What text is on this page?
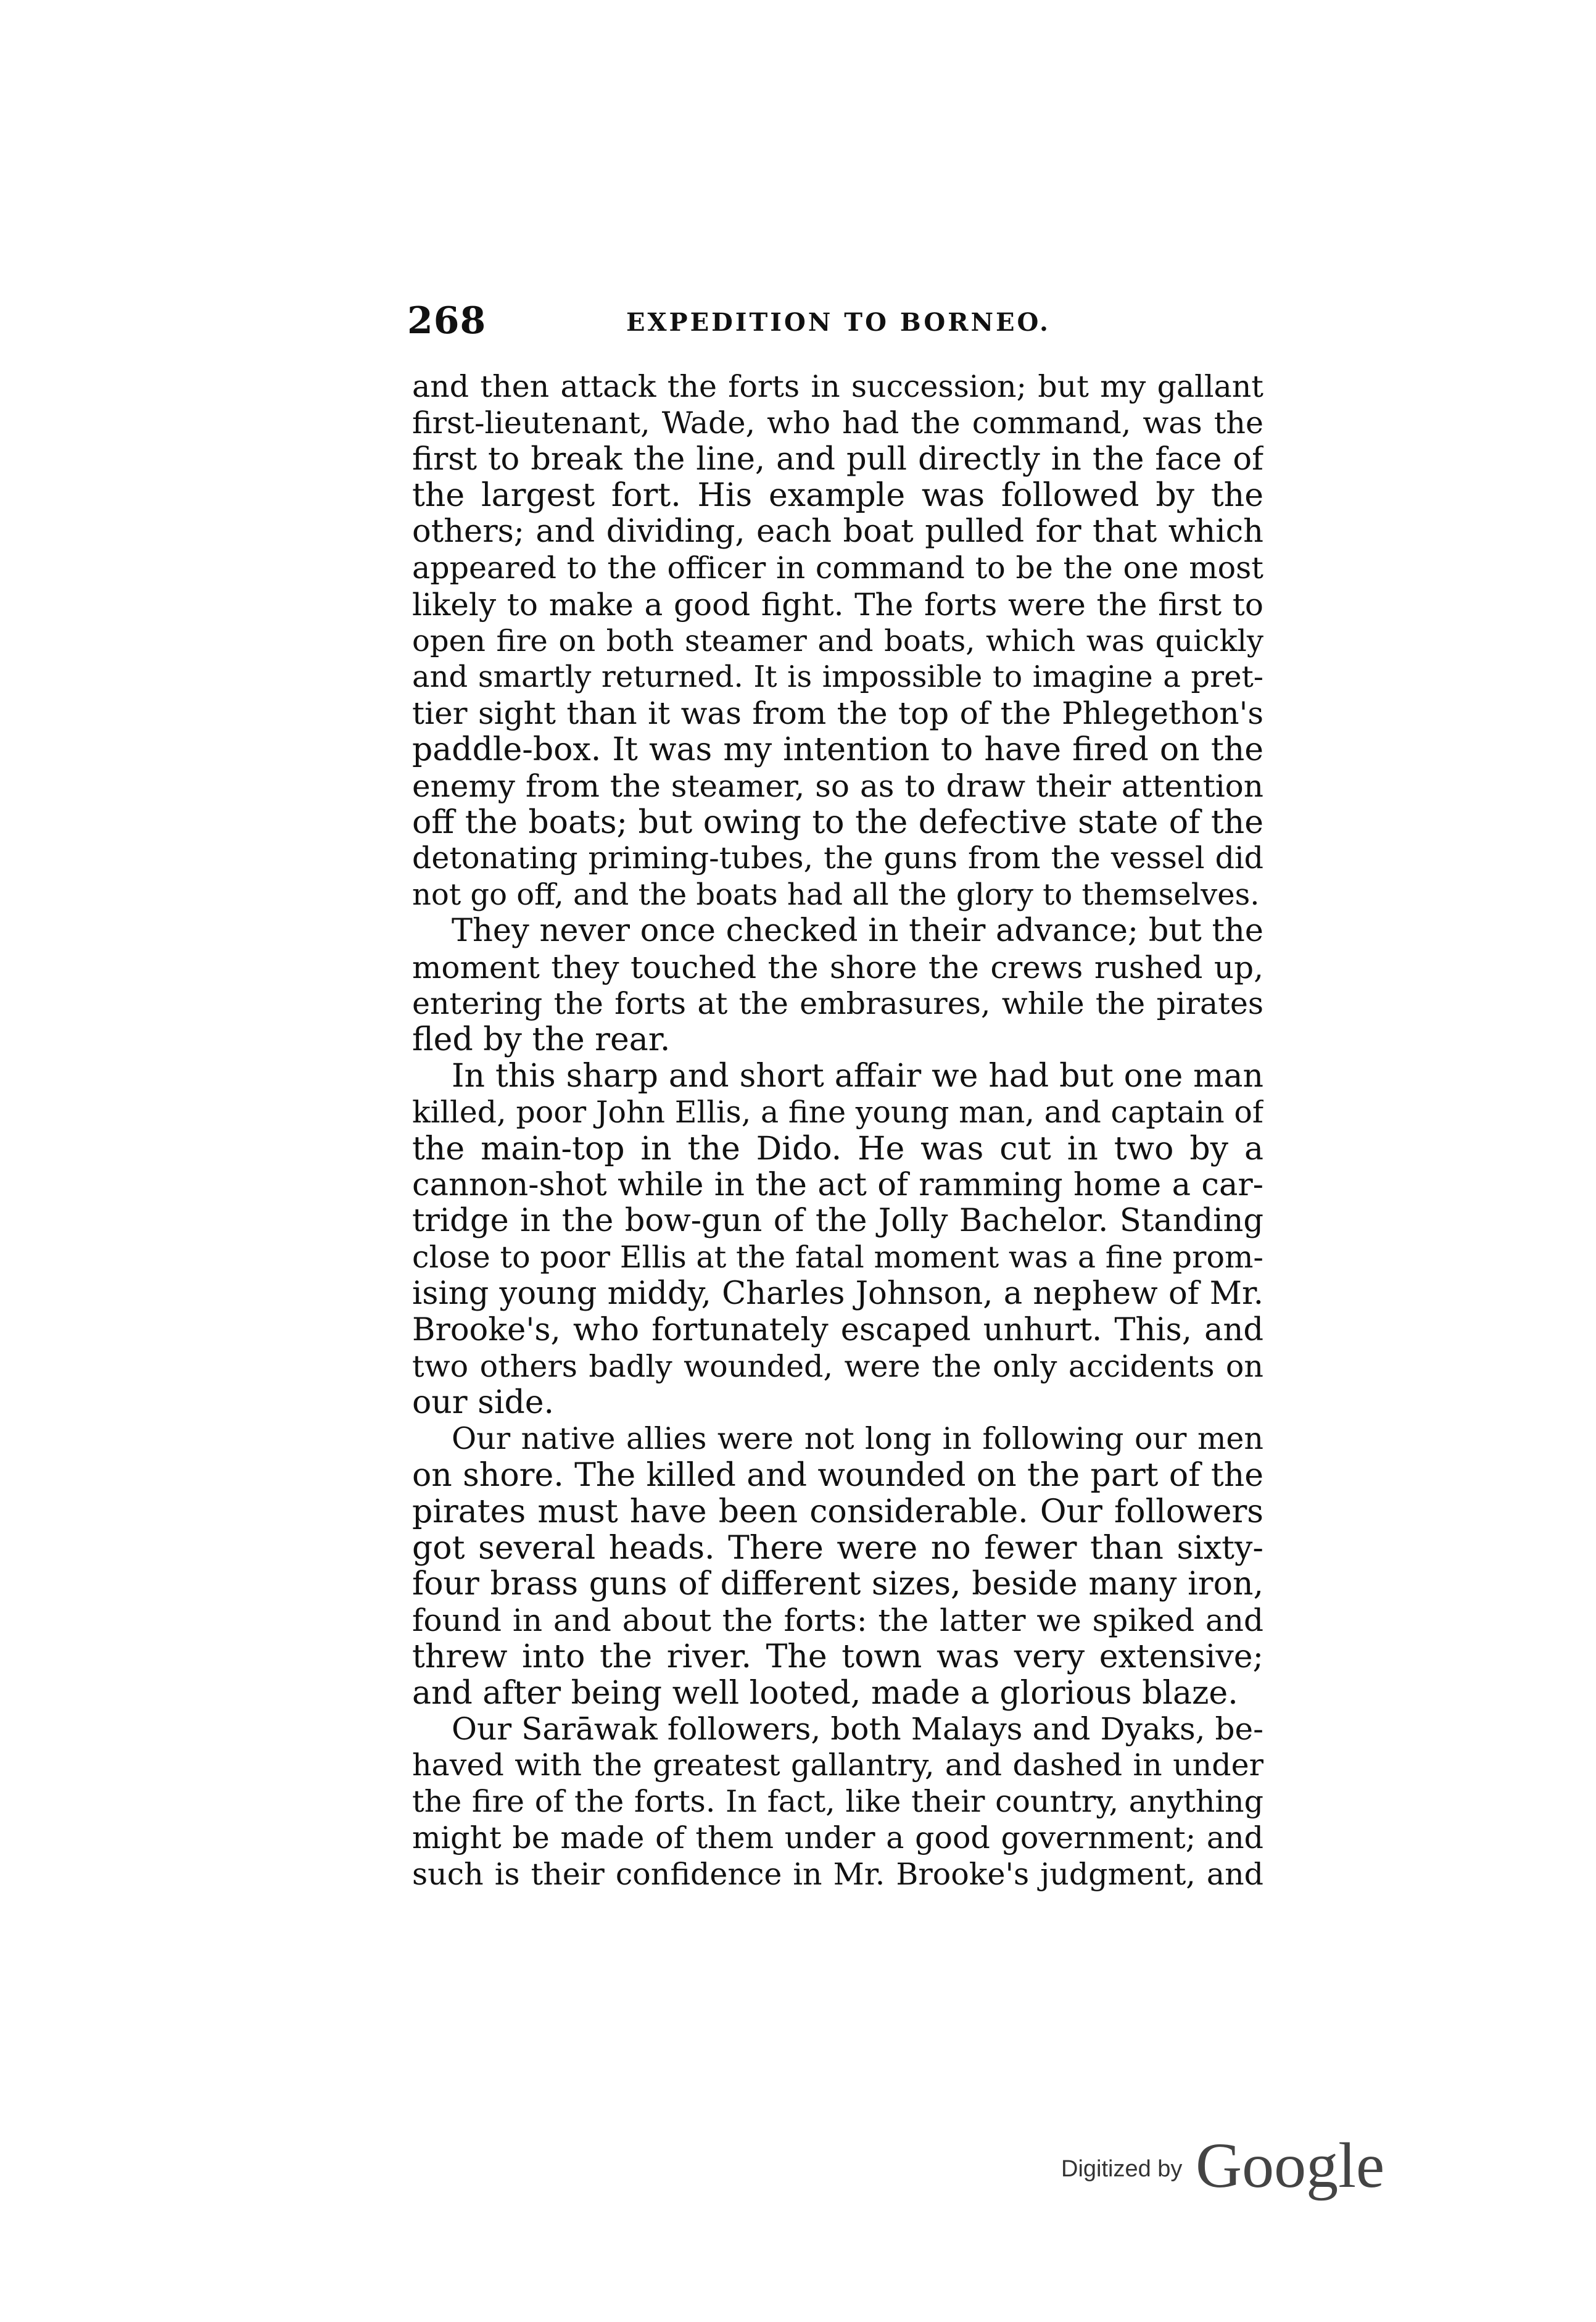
268	EXPEDITION TO BORNEO.
and then attack the forts in succession; but my gallant
first-lieutenant, Wade, who had the command, was the
first to break the line, and pull directly in the face of
the largest fort. His example was followed by the
others; and dividing, each boat pulled for that which
appeared to the officer in command to be the one most
likely to make a good fight. The forts were the first to
open fire on both steamer and boats, which was quickly
and smartly returned. It is impossible to imagine a pret-
tier sight than it was from the top of the Phlegethon's
paddle-box. It was my intention to have fired on the
enemy from the steamer, so as to draw their attention
off the boats; but owing to the defective state of the
detonating priming-tubes, the guns from the vessel did
not go off, and the boats had all the glory to themselves.
They never once checked in their advance; but the
moment they touched the shore the crews rushed up,
entering the forts at the embrasures, while the pirates
fled by the rear.
In this sharp and short affair we had but one man
killed, poor John Ellis, a fine young man, and captain of
the main-top in the Dido. He was cut in two by a
cannon-shot while in the act of ramming home a car-
tridge in the bow-gun of the Jolly Bachelor. Standing
close to poor Ellis at the fatal moment was a fine prom-
ising young middy, Charles Johnson, a nephew of Mr.
Brooke's, who fortunately escaped unhurt. This, and
two others badly wounded, were the only accidents on
our side.
Our native allies were not long in following our men
on shore. The killed and wounded on the part of the
pirates must have been considerable. Our followers
got several heads. There were no fewer than sixty-
four brass guns of different sizes, beside many iron,
found in and about the forts: the latter we spiked and
threw into the river. The town was very extensive;
and after being well looted, made a glorious blaze.
Our Sarāwak followers, both Malays and Dyaks, be-
haved with the greatest gallantry, and dashed in under
the fire of the forts. In fact, like their country, anything
might be made of them under a good government; and
such is their confidence in Mr. Brooke's judgment, and
Digitized by Google
